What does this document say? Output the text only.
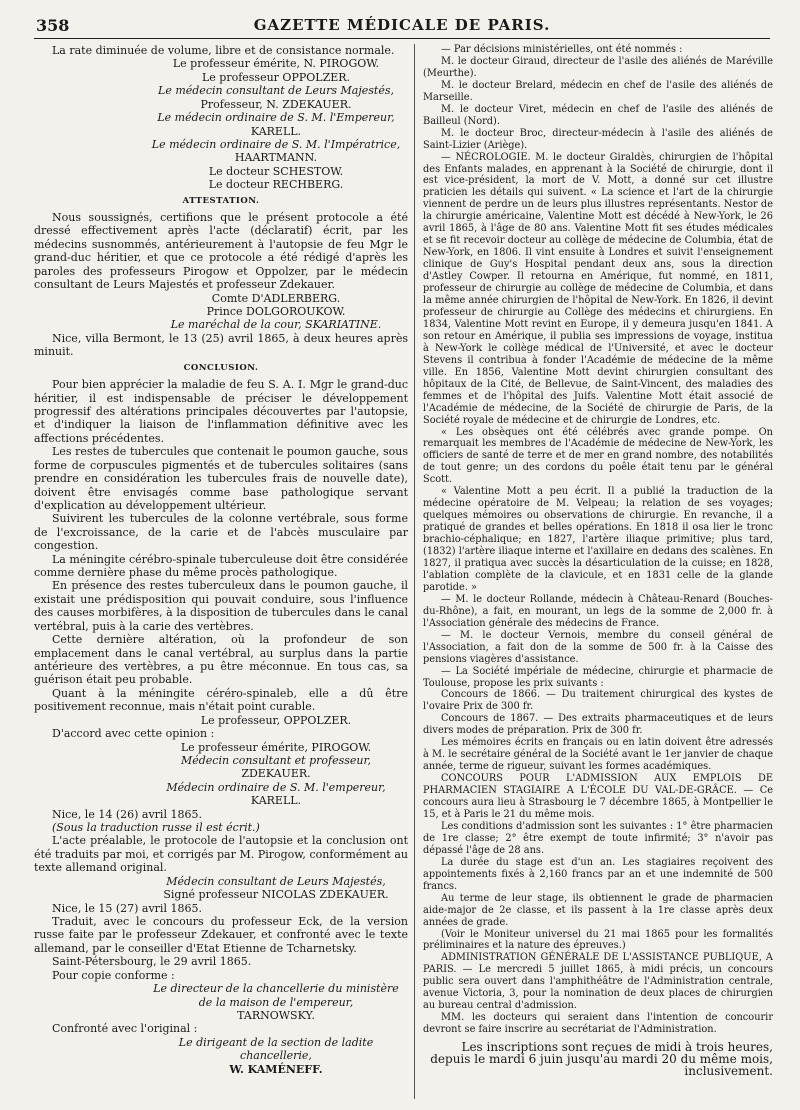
358	GAZETTE MÉDICALE DE PARIS.

La rate diminuée de volume, libre et de consistance normale.

Le professeur émérite, N. PIROGOW.

Le professeur OPPOLZER.

Le médecin consultant de Leurs Majestés,

Professeur, N. ZDEKAUER.

Le médecin ordinaire de S. M. l'Empereur,

KARELL.

Le médecin ordinaire de S. M. l'Impératrice,

HAARTMANN.

Le docteur SCHESTOW.

Le docteur RECHBERG.

ATTESTATION.

Nous soussignés, certifions que le présent protocole a été dressé effectivement après l'acte (déclaratif) écrit, par les médecins susnommés, antérieurement à l'autopsie de feu Mgr le grand-duc héritier, et que ce protocole a été rédigé d'après les paroles des professeurs Pirogow et Oppolzer, par le médecin consultant de Leurs Majestés et professeur Zdekauer.

Comte D'ADLERBERG.

Prince DOLGOROUKOW.

Le maréchal de la cour, SKARIATINE.

Nice, villa Bermont, le 13 (25) avril 1865, à deux heures après minuit.

CONCLUSION.

Pour bien apprécier la maladie de feu S. A. I. Mgr le grand-duc héritier, il est indispensable de préciser le développement progressif des altérations principales découvertes par l'autopsie, et d'indiquer la liaison de l'inflammation définitive avec les affections précédentes.

Les restes de tubercules que contenait le poumon gauche, sous forme de corpuscules pigmentés et de tubercules solitaires (sans prendre en considération les tubercules frais de nouvelle date), doivent être envisagés comme base pathologique servant d'explication au développement ultérieur.

Suivirent les tubercules de la colonne vertébrale, sous forme de l'excroissance, de la carie et de l'abcès musculaire par congestion.

La méningite cérébro-spinale tuberculeuse doit être considérée comme dernière phase du même procès pathologique.

En présence des restes tuberculeux dans le poumon gauche, il existait une prédisposition qui pouvait conduire, sous l'influence des causes morbifères, à la disposition de tubercules dans le canal vertébral, puis à la carie des vertèbres.

Cette dernière altération, où la profondeur de son emplacement dans le canal vertébral, au surplus dans la partie antérieure des vertèbres, a pu être méconnue. En tous cas, sa guérison était peu probable.

Quant à la méningite céréro-spinaleb, elle a dû être positivement reconnue, mais n'était point curable.

Le professeur, OPPOLZER.

D'accord avec cette opinion :

Le professeur émérite, PIROGOW.

Médecin consultant et professeur,

ZDEKAUER.

Médecin ordinaire de S. M. l'empereur,

KARELL.

Nice, le 14 (26) avril 1865.

(Sous la traduction russe il est écrit.)

L'acte préalable, le protocole de l'autopsie et la conclusion ont été traduits par moi, et corrigés par M. Pirogow, conformément au texte allemand original.

Médecin consultant de Leurs Majestés,

Signé professeur NICOLAS ZDEKAUER.

Nice, le 15 (27) avril 1865.

Traduit, avec le concours du professeur Eck, de la version russe faite par le professeur Zdekauer, et confronté avec le texte allemand, par le conseiller d'Etat Etienne de Tcharnetsky.

Saint-Pétersbourg, le 29 avril 1865.

Pour copie conforme :

Le directeur de la chancellerie du ministère

de la maison de l'empereur,

TARNOWSKY.

Confronté avec l'original :

Le dirigeant de la section de ladite chancellerie,

W. KAMÉNEFF.

— Par décisions ministérielles, ont été nommés :

M. le docteur Giraud, directeur de l'asile des aliénés de Maréville (Meurthe).

M. le docteur Brelard, médecin en chef de l'asile des aliénés de Marseille.

M. le docteur Viret, médecin en chef de l'asile des aliénés de Bailleul (Nord).

M. le docteur Broc, directeur-médecin à l'asile des aliénés de Saint-Lizier (Ariège).

— NÉCROLOGIE. M. le docteur Giraldès, chirurgien de l'hôpital des Enfants malades, en apprenant à la Société de chirurgie, dont il est vice-président, la mort de V. Mott, a donné sur cet illustre praticien les détails qui suivent. « La science et l'art de la chirurgie viennent de perdre un de leurs plus illustres représentants. Nestor de la chirurgie américaine, Valentine Mott est décédé à New-York, le 26 avril 1865, à l'âge de 80 ans. Valentine Mott fit ses études médicales et se fit recevoir docteur au collège de médecine de Columbia, état de New-York, en 1806. Il vint ensuite à Londres et suivit l'enseignement clinique de Guy's Hospital pendant deux ans, sous la direction d'Astley Cowper. Il retourna en Amérique, fut nommé, en 1811, professeur de chirurgie au collège de médecine de Columbia, et dans la même année chirurgien de l'hôpital de New-York. En 1826, il devint professeur de chirurgie au Collège des médecins et chirurgiens. En 1834, Valentine Mott revint en Europe, il y demeura jusqu'en 1841. A son retour en Amérique, il publia ses impressions de voyage, institua à New-York le collège médical de l'Université, et avec le docteur Stevens il contribua à fonder l'Académie de médecine de la même ville. En 1856, Valentine Mott devint chirurgien consultant des hôpitaux de la Cité, de Bellevue, de Saint-Vincent, des maladies des femmes et de l'hôpital des Juifs. Valentine Mott était associé de l'Académie de médecine, de la Société de chirurgie de Paris, de la Société royale de médecine et de chirurgie de Londres, etc.

« Les obsèques ont été célébrés avec grande pompe. On remarquait les membres de l'Académie de médecine de New-York, les officiers de santé de terre et de mer en grand nombre, des notabilités de tout genre; un des cordons du poêle était tenu par le général Scott.

« Valentine Mott a peu écrit. Il a publié la traduction de la médecine opératoire de M. Velpeau; la relation de ses voyages; quelques mémoires ou observations de chirurgie. En revanche, il a pratiqué de grandes et belles opérations. En 1818 il osa lier le tronc brachio-céphalique; en 1827, l'artère iliaque primitive; plus tard, (1832) l'artère iliaque interne et l'axillaire en dedans des scalènes. En 1827, il pratiqua avec succès la désarticulation de la cuisse; en 1828, l'ablation complète de la clavicule, et en 1831 celle de la glande parotide. »

— M. le docteur Rollande, médecin à Château-Renard (Bouches-du-Rhône), a fait, en mourant, un legs de la somme de 2,000 fr. à l'Association générale des médecins de France.

— M. le docteur Vernois, membre du conseil général de l'Association, a fait don de la somme de 500 fr. à la Caisse des pensions viagères d'assistance.

— La Société impériale de médecine, chirurgie et pharmacie de Toulouse, propose les prix suivants :

Concours de 1866. — Du traitement chirurgical des kystes de l'ovaire Prix de 300 fr.

Concours de 1867. — Des extraits pharmaceutiques et de leurs divers modes de préparation. Prix de 300 fr.

Les mémoires écrits en français ou en latin doivent être adressés à M. le secrétaire général de la Société avant le 1er janvier de chaque année, terme de rigueur, suivant les formes académiques.

CONCOURS POUR L'ADMISSION AUX EMPLOIS DE PHARMACIEN STAGIAIRE A L'ÉCOLE DU VAL-DE-GRÂCE. — Ce concours aura lieu à Strasbourg le 7 décembre 1865, à Montpellier le 15, et à Paris le 21 du même mois.

Les conditions d'admission sont les suivantes : 1° être pharmacien de 1re classe; 2° être exempt de toute infirmité; 3° n'avoir pas dépassé l'âge de 28 ans.

La durée du stage est d'un an. Les stagiaires reçoivent des appointements fixés à 2,160 francs par an et une indemnité de 500 francs.

Au terme de leur stage, ils obtiennent le grade de pharmacien aide-major de 2e classe, et ils passent à la 1re classe après deux années de grade.

(Voir le Moniteur universel du 21 mai 1865 pour les formalités préliminaires et la nature des épreuves.)

ADMINISTRATION GÉNÉRALE DE L'ASSISTANCE PUBLIQUE, A PARIS. — Le mercredi 5 juillet 1865, à midi précis, un concours public sera ouvert dans l'amphithéâtre de l'Administration centrale, avenue Victoria, 3, pour la nomination de deux places de chirurgien au bureau central d'admission.

MM. les docteurs qui seraient dans l'intention de concourir devront se faire inscrire au secrétariat de l'Administration.

Les inscriptions sont reçues de midi à trois heures, depuis le mardi 6 juin jusqu'au mardi 20 du même mois, inclusivement.
